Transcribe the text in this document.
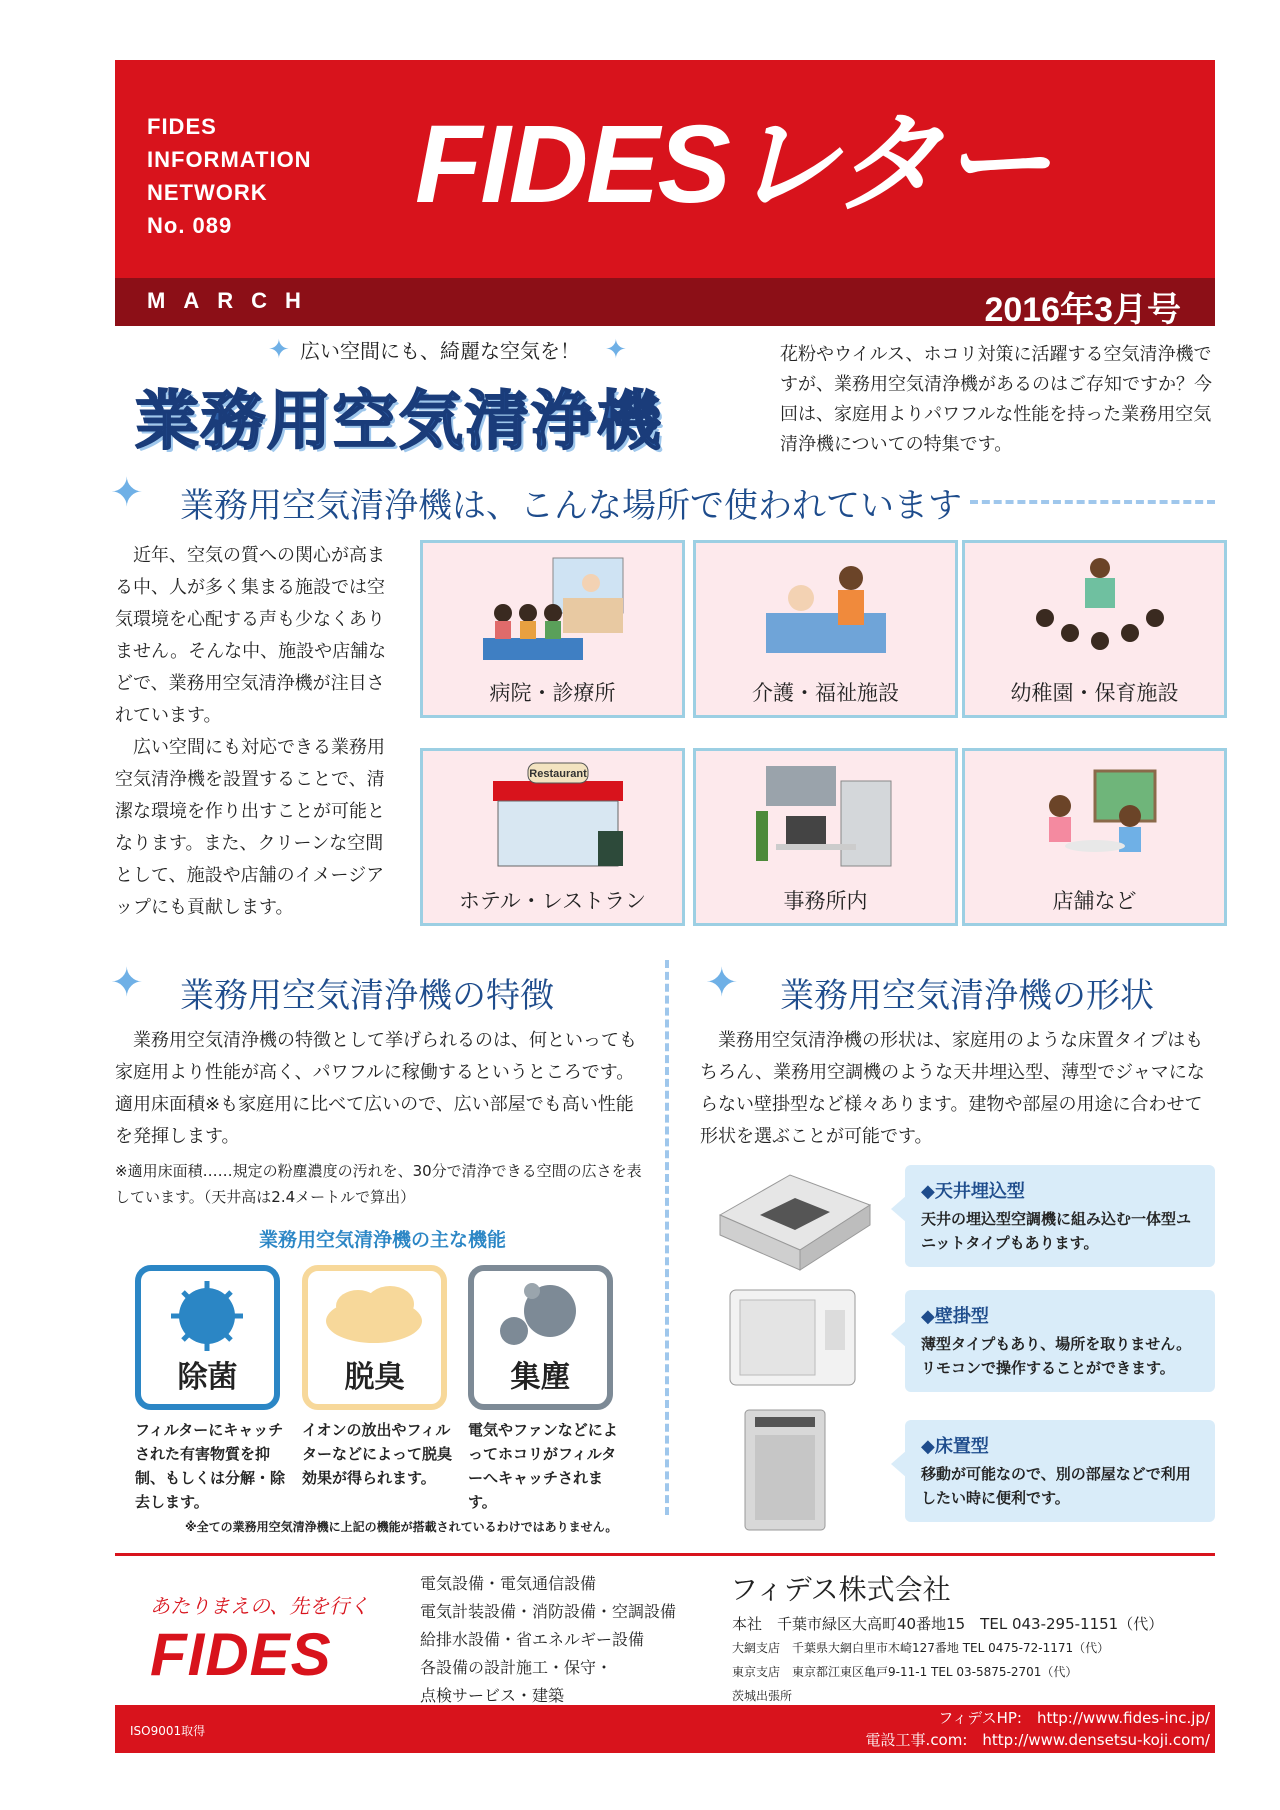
FIDES
INFORMATION
NETWORK
No. 089	FIDESレター
MARCH	2016年3月号
✦ 広い空間にも、綺麗な空気を！ ✦
業務用空気清浄機
花粉やウイルス、ホコリ対策に活躍する空気清浄機ですが、業務用空気清浄機があるのはご存知ですか？今回は、家庭用よりパワフルな性能を持った業務用空気清浄機についての特集です。
✦ 業務用空気清浄機は、こんな場所で使われています

近年、空気の質への関心が高まる中、人が多く集まる施設では空気環境を心配する声も少なくありません。そんな中、施設や店舗などで、業務用空気清浄機が注目されています。

広い空間にも対応できる業務用空気清浄機を設置することで、清潔な環境を作り出すことが可能となります。また、クリーンな空間として、施設や店舗のイメージアップにも貢献します。

病院・診療所	介護・福祉施設	幼稚園・保育施設
Restaurant
ホテル・レストラン	事務所内	店舗など
✦ 業務用空気清浄機の特徴
業務用空気清浄機の特徴として挙げられるのは、何といっても家庭用より性能が高く、パワフルに稼働するというところです。適用床面積※も家庭用に比べて広いので、広い部屋でも高い性能を発揮します。
※適用床面積……規定の粉塵濃度の汚れを、30分で清浄できる空間の広さを表しています。（天井高は2.4メートルで算出）
業務用空気清浄機の主な機能
除菌	脱臭	集塵
フィルターにキャッチされた有害物質を抑制、もしくは分解・除去します。
イオンの放出やフィルターなどによって脱臭効果が得られます。
電気やファンなどによってホコリがフィルターへキャッチされます。
※全ての業務用空気清浄機に上記の機能が搭載されているわけではありません。
✦ 業務用空気清浄機の形状
業務用空気清浄機の形状は、家庭用のような床置タイプはもちろん、業務用空調機のような天井埋込型、薄型でジャマにならない壁掛型など様々あります。建物や部屋の用途に合わせて形状を選ぶことが可能です。
◆天井埋込型
天井の埋込型空調機に組み込む一体型ユニットタイプもあります。
◆壁掛型
薄型タイプもあり、場所を取りません。リモコンで操作することができます。
◆床置型
移動が可能なので、別の部屋などで利用したい時に便利です。
あたりまえの、先を行く
FIDES
電気設備・電気通信設備
電気計装設備・消防設備・空調設備
給排水設備・省エネルギー設備
各設備の設計施工・保守・
点検サービス・建築
フィデス株式会社
本社　千葉市緑区大高町40番地15　TEL 043-295-1151（代）
大網支店　千葉県大網白里市木崎127番地 TEL 0475-72-1171（代）
東京支店　東京都江東区亀戸9-11-1 TEL 03-5875-2701（代）
茨城出張所
ISO9001取得
フィデスHP:　http://www.fides-inc.jp/
電設工事.com:　http://www.densetsu-koji.com/
